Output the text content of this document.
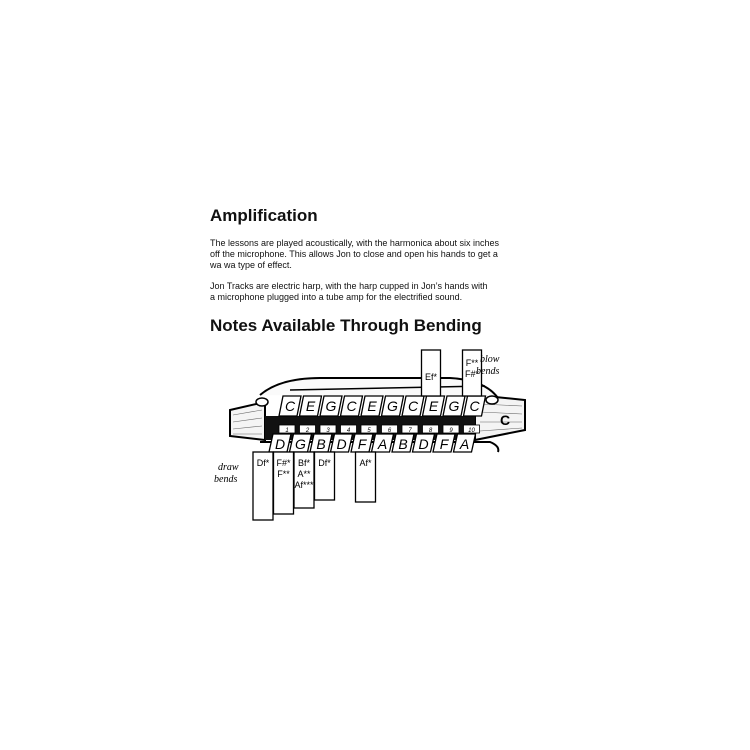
Amplification

The lessons are played acoustically, with the harmonica about six inches
off the microphone. This allows Jon to close and open his hands to get a
wa wa type of effect.

Jon Tracks are electric harp, with the harp cupped in Jon’s hands with
a microphone plugged into a tube amp for the electrified sound.

Notes Available Through Bending
C E G C E G C E G C
1	2	3	4	5	6	7	8	9	10
D G B D F A B D F A
Ef*
F**
F#*
Df* F#*
F**
Bf*
A**
Af***
Df*	Af*
C
blow
bends
draw
bends
